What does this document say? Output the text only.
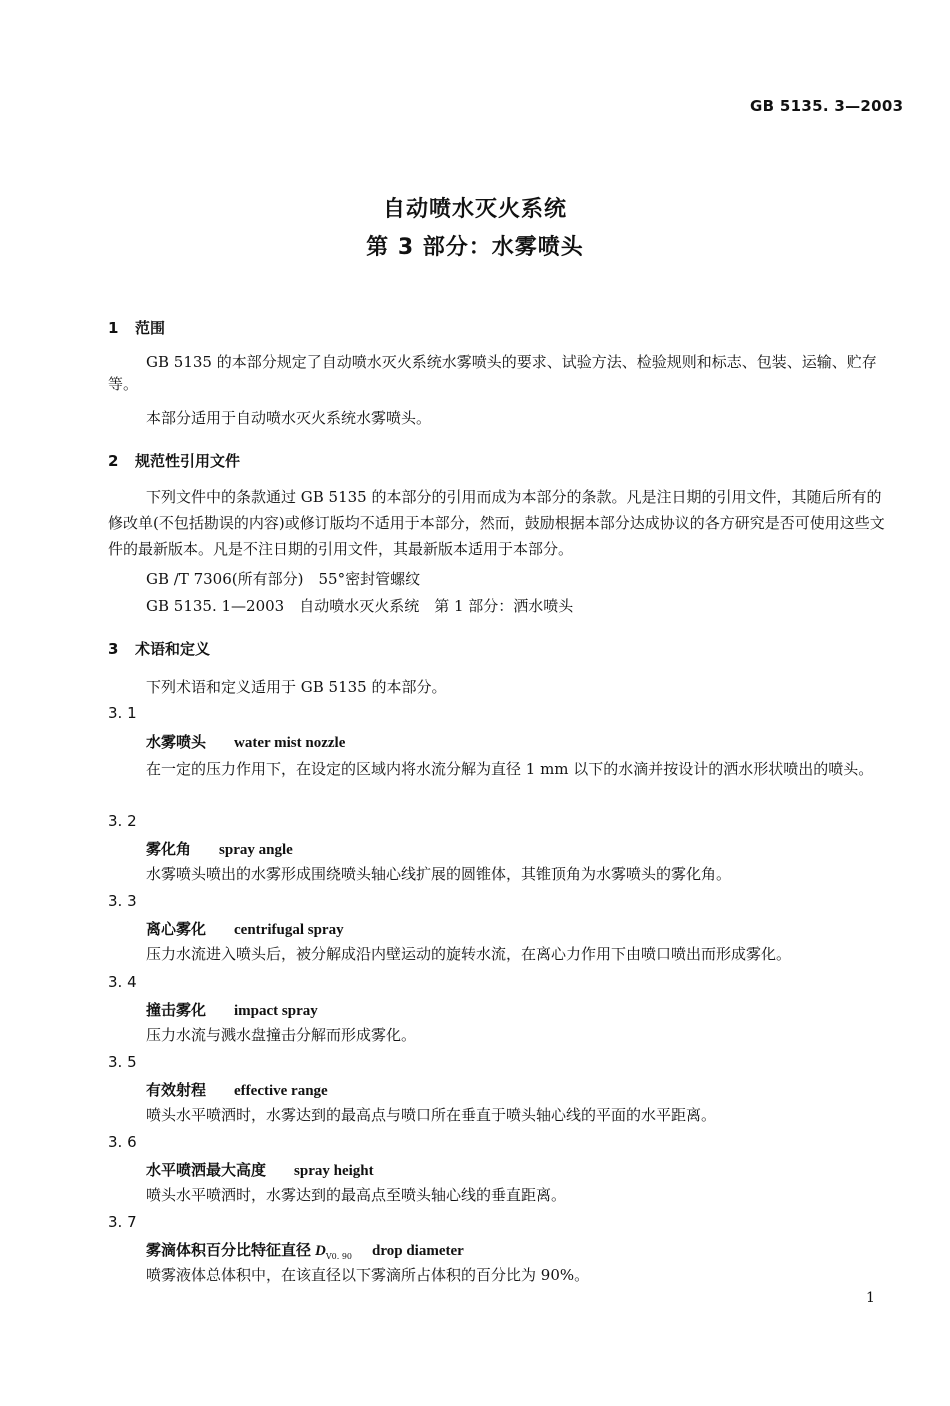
GB 5135. 3—2003
自动喷水灭火系统
第 3 部分：水雾喷头
1 范围
GB 5135 的本部分规定了自动喷水灭火系统水雾喷头的要求、试验方法、检验规则和标志、包装、运输、贮存等。
本部分适用于自动喷水灭火系统水雾喷头。
2 规范性引用文件
下列文件中的条款通过 GB 5135 的本部分的引用而成为本部分的条款。凡是注日期的引用文件，其随后所有的修改单(不包括勘误的内容)或修订版均不适用于本部分，然而，鼓励根据本部分达成协议的各方研究是否可使用这些文件的最新版本。凡是不注日期的引用文件，其最新版本适用于本部分。
GB /T 7306(所有部分)　55°密封管螺纹
GB 5135. 1—2003　自动喷水灭火系统　第 1 部分：洒水喷头
3 术语和定义
下列术语和定义适用于 GB 5135 的本部分。
3. 1
水雾喷头 water mist nozzle
在一定的压力作用下，在设定的区域内将水流分解为直径 1 mm 以下的水滴并按设计的洒水形状喷出的喷头。
3. 2
雾化角 spray angle
水雾喷头喷出的水雾形成围绕喷头轴心线扩展的圆锥体，其锥顶角为水雾喷头的雾化角。
3. 3
离心雾化 centrifugal spray
压力水流进入喷头后，被分解成沿内壁运动的旋转水流，在离心力作用下由喷口喷出而形成雾化。
3. 4
撞击雾化 impact spray
压力水流与溅水盘撞击分解而形成雾化。
3. 5
有效射程 effective range
喷头水平喷洒时，水雾达到的最高点与喷口所在垂直于喷头轴心线的平面的水平距离。
3. 6
水平喷洒最大高度 spray height
喷头水平喷洒时，水雾达到的最高点至喷头轴心线的垂直距离。
3. 7
雾滴体积百分比特征直径 $D_{V0. 90}$ drop diameter
喷雾液体总体积中，在该直径以下雾滴所占体积的百分比为 90%。
1
